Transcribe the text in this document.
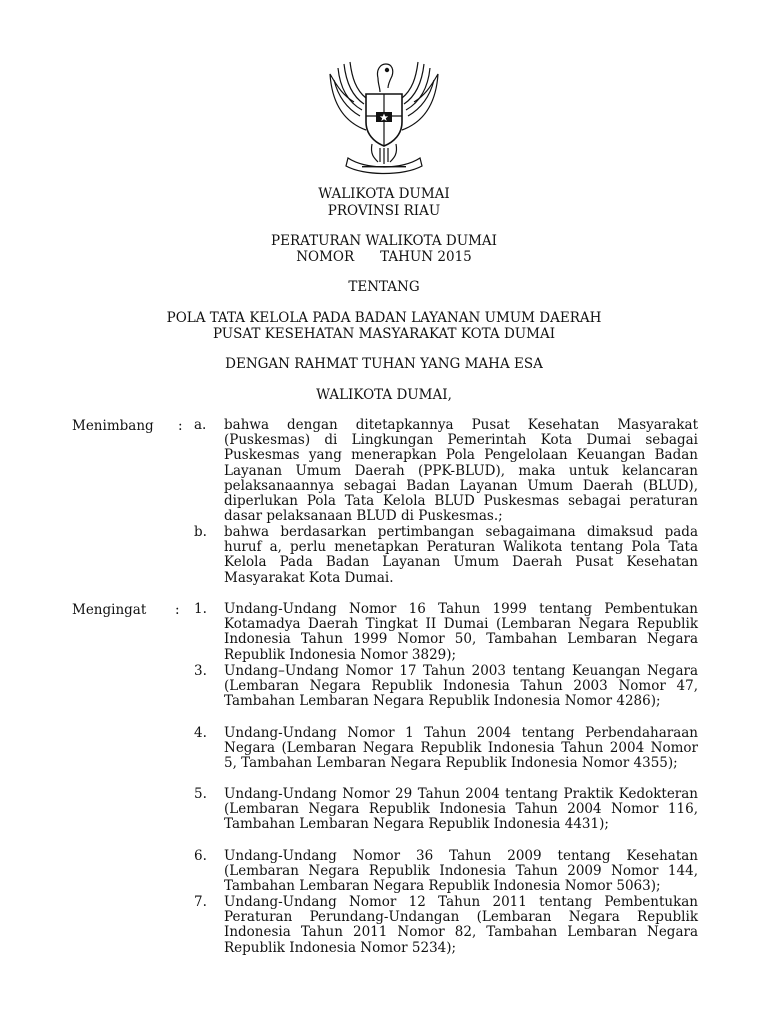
WALIKOTA DUMAI
PROVINSI RIAU
PERATURAN WALIKOTA DUMAI
NOMOR TAHUN 2015
TENTANG
POLA TATA KELOLA PADA BADAN LAYANAN UMUM DAERAH
PUSAT KESEHATAN MASYARAKAT KOTA DUMAI
DENGAN RAHMAT TUHAN YANG MAHA ESA
WALIKOTA DUMAI,
Menimbang : a. bahwa dengan ditetapkannya Pusat Kesehatan Masyarakat (Puskesmas) di Lingkungan Pemerintah Kota Dumai sebagai Puskesmas yang menerapkan Pola Pengelolaan Keuangan Badan Layanan Umum Daerah (PPK-BLUD), maka untuk kelancaran pelaksanaannya sebagai Badan Layanan Umum Daerah (BLUD), diperlukan Pola Tata Kelola BLUD Puskesmas sebagai peraturan dasar pelaksanaan BLUD di Puskesmas.;
b. bahwa berdasarkan pertimbangan sebagaimana dimaksud pada huruf a, perlu menetapkan Peraturan Walikota tentang Pola Tata Kelola Pada Badan Layanan Umum Daerah Pusat Kesehatan Masyarakat Kota Dumai.
Mengingat : 1. Undang-Undang Nomor 16 Tahun 1999 tentang Pembentukan Kotamadya Daerah Tingkat II Dumai (Lembaran Negara Republik Indonesia Tahun 1999 Nomor 50, Tambahan Lembaran Negara Republik Indonesia Nomor 3829);
3. Undang–Undang Nomor 17 Tahun 2003 tentang Keuangan Negara (Lembaran Negara Republik Indonesia Tahun 2003 Nomor 47, Tambahan Lembaran Negara Republik Indonesia Nomor 4286);
4. Undang-Undang Nomor 1 Tahun 2004 tentang Perbendaharaan Negara (Lembaran Negara Republik Indonesia Tahun 2004 Nomor 5, Tambahan Lembaran Negara Republik Indonesia Nomor 4355);
5. Undang-Undang Nomor 29 Tahun 2004 tentang Praktik Kedokteran (Lembaran Negara Republik Indonesia Tahun 2004 Nomor 116, Tambahan Lembaran Negara Republik Indonesia 4431);
6. Undang-Undang Nomor 36 Tahun 2009 tentang Kesehatan (Lembaran Negara Republik Indonesia Tahun 2009 Nomor 144, Tambahan Lembaran Negara Republik Indonesia Nomor 5063);
7. Undang-Undang Nomor 12 Tahun 2011 tentang Pembentukan Peraturan Perundang-Undangan (Lembaran Negara Republik Indonesia Tahun 2011 Nomor 82, Tambahan Lembaran Negara Republik Indonesia Nomor 5234);
